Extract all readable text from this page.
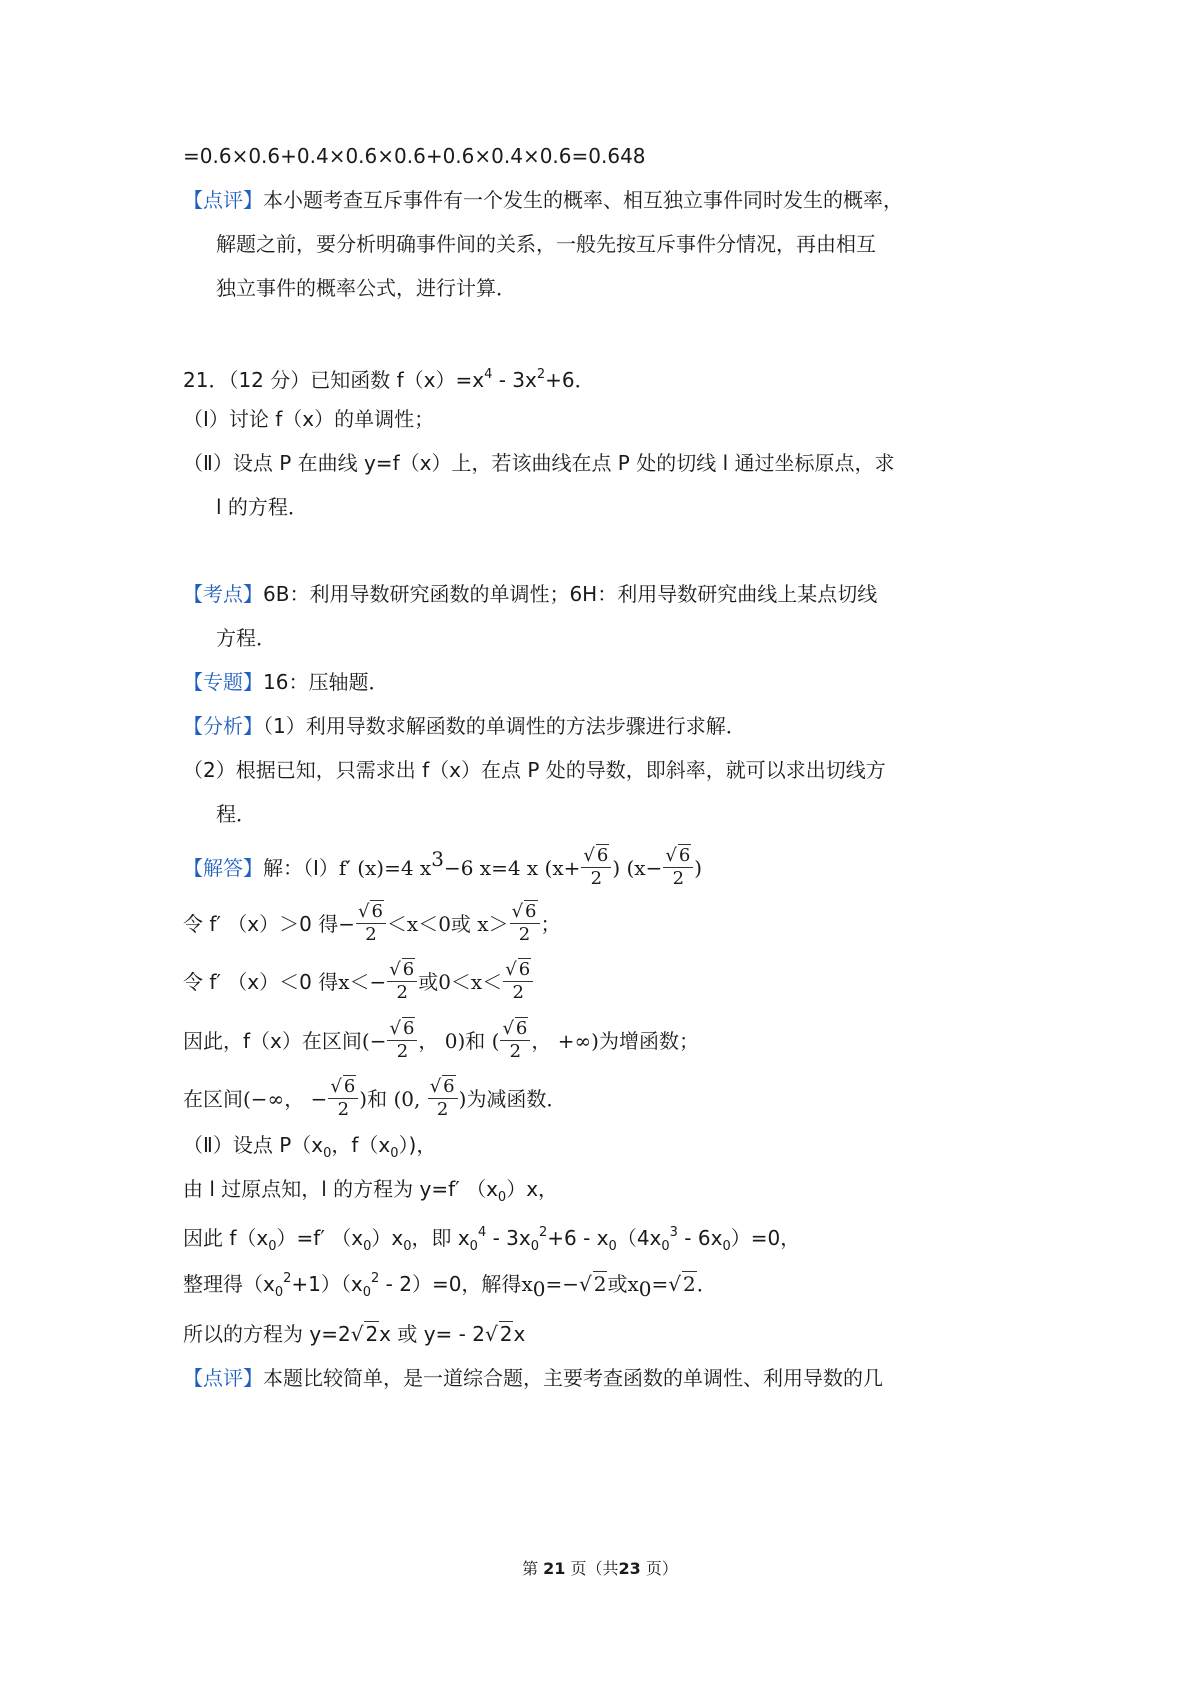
=0.6×0.6+0.4×0.6×0.6+0.6×0.4×0.6=0.648
【点评】本小题考查互斥事件有一个发生的概率、相互独立事件同时发生的概率，
解题之前，要分析明确事件间的关系，一般先按互斥事件分情况，再由相互
独立事件的概率公式，进行计算．
21．（12 分）已知函数 $f(x)=x^4 - 3x^2+6$．
（Ⅰ）讨论 f（x）的单调性；
（Ⅱ）设点 P 在曲线 y=f（x）上，若该曲线在点 P 处的切线 l 通过坐标原点，求
l 的方程．
【考点】6B：利用导数研究函数的单调性；6H：利用导数研究曲线上某点切线
方程．
【专题】16：压轴题．
【分析】（1）利用导数求解函数的单调性的方法步骤进行求解．
（2）根据已知，只需求出 f（x）在点 P 处的导数，即斜率，就可以求出切线方
程．
【解答】解：（Ⅰ）f′ (x)=4 x3−6 x=4 x ($x+ \frac{√ 6}{2}$ ) ($x- \frac{√ 6}{2}$ )
令 f′ （x）＞0 得− $\frac{√ 6}{2} <x<0$或 $x> \frac{√ 6}{2}$ ；
令 f′ （x）＜0 得$x<- \frac{√ 6}{2}$ 或$0<x< \frac{√ 6}{2}$
因此，f（x）在区间(− $\frac{√ 6}{2}$ ， 0)和 ( $\frac{√ 6}{2}$ ， +∞)为增函数；
在区间(−∞， − $\frac{√ 6}{2}$ )和 (0, $\frac{√ 6}{2}$ )为减函数．
（Ⅱ）设点 $P(x_0$，$f(x_0)$)，
由 l 过原点知，l 的方程为 y=f′ $(x_0)x$，
因此 $f(x_0)=f'$ $(x_0)x_0$，即 $x_0^4 - 3x_0^2+6 - x_0(4x_0^3 - 6x_0)=0$，
整理得$(x_0^2+1)(x_0^2 - 2)=0$，解得x0=−√ 2或x0=√ 2．
所以的方程为 y=2√ 2x 或 y= - 2√ 2x
【点评】本题比较简单，是一道综合题，主要考查函数的单调性、利用导数的几
第 21 页（共23 页）
